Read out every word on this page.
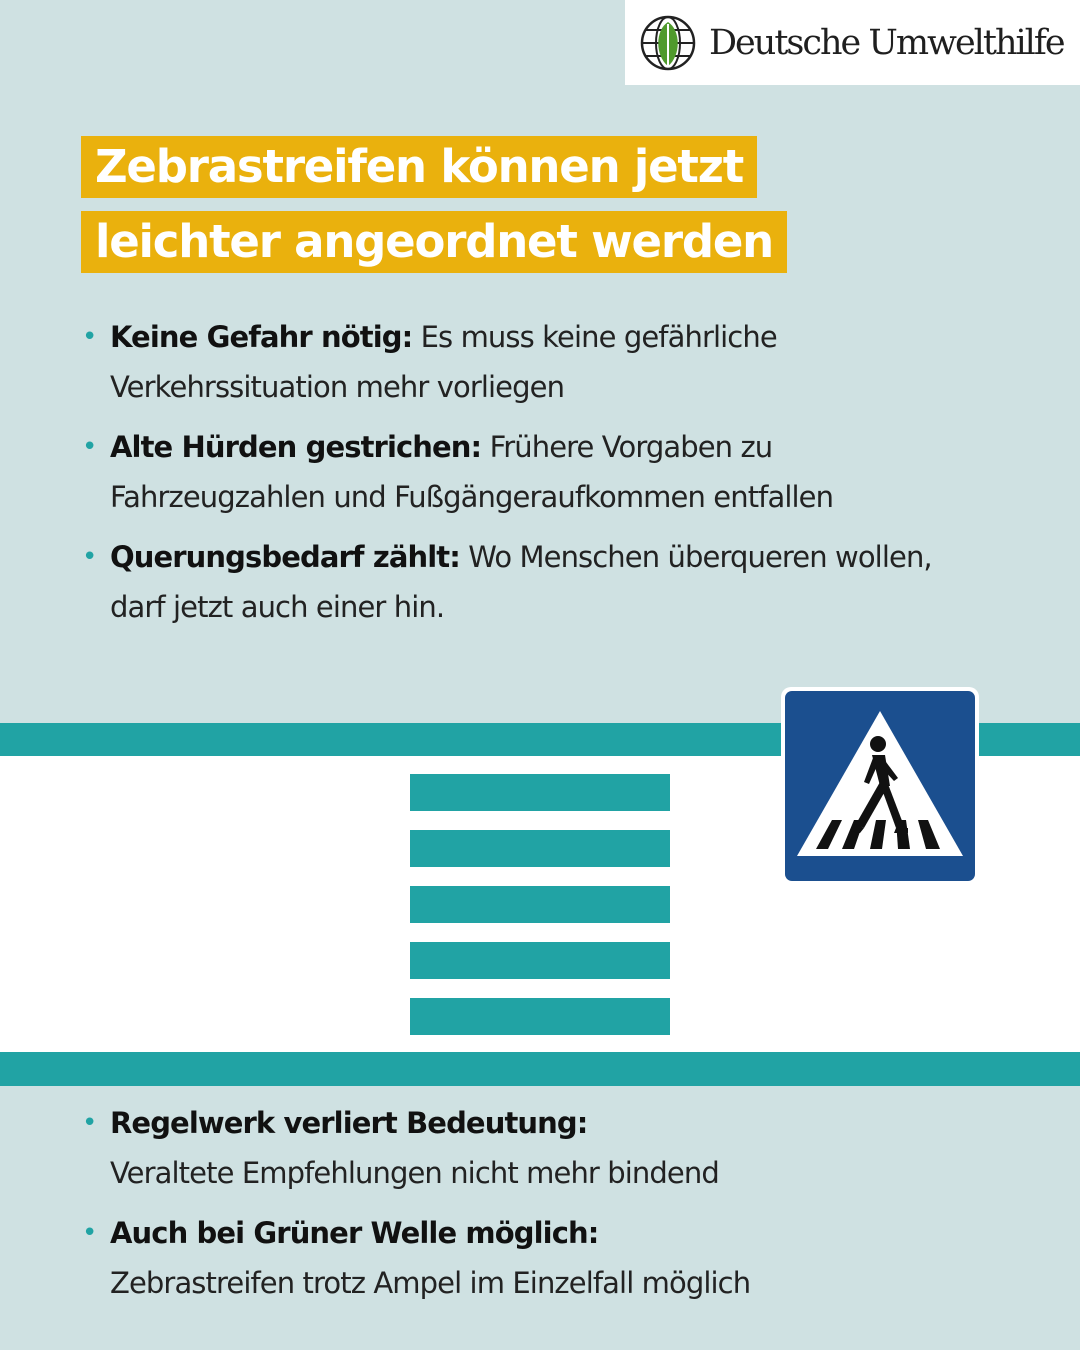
Deutsche Umwelthilfe
Zebrastreifen können jetzt
leichter angeordnet werden
• Keine Gefahr nötig: Es muss keine gefährliche Verkehrssituation mehr vorliegen
• Alte Hürden gestrichen: Frühere Vorgaben zu Fahrzeugzahlen und Fußgängeraufkommen entfallen
• Querungsbedarf zählt: Wo Menschen überqueren wollen, darf jetzt auch einer hin.
• Regelwerk verliert Bedeutung:
Veraltete Empfehlungen nicht mehr bindend
• Auch bei Grüner Welle möglich:
Zebrastreifen trotz Ampel im Einzelfall möglich
